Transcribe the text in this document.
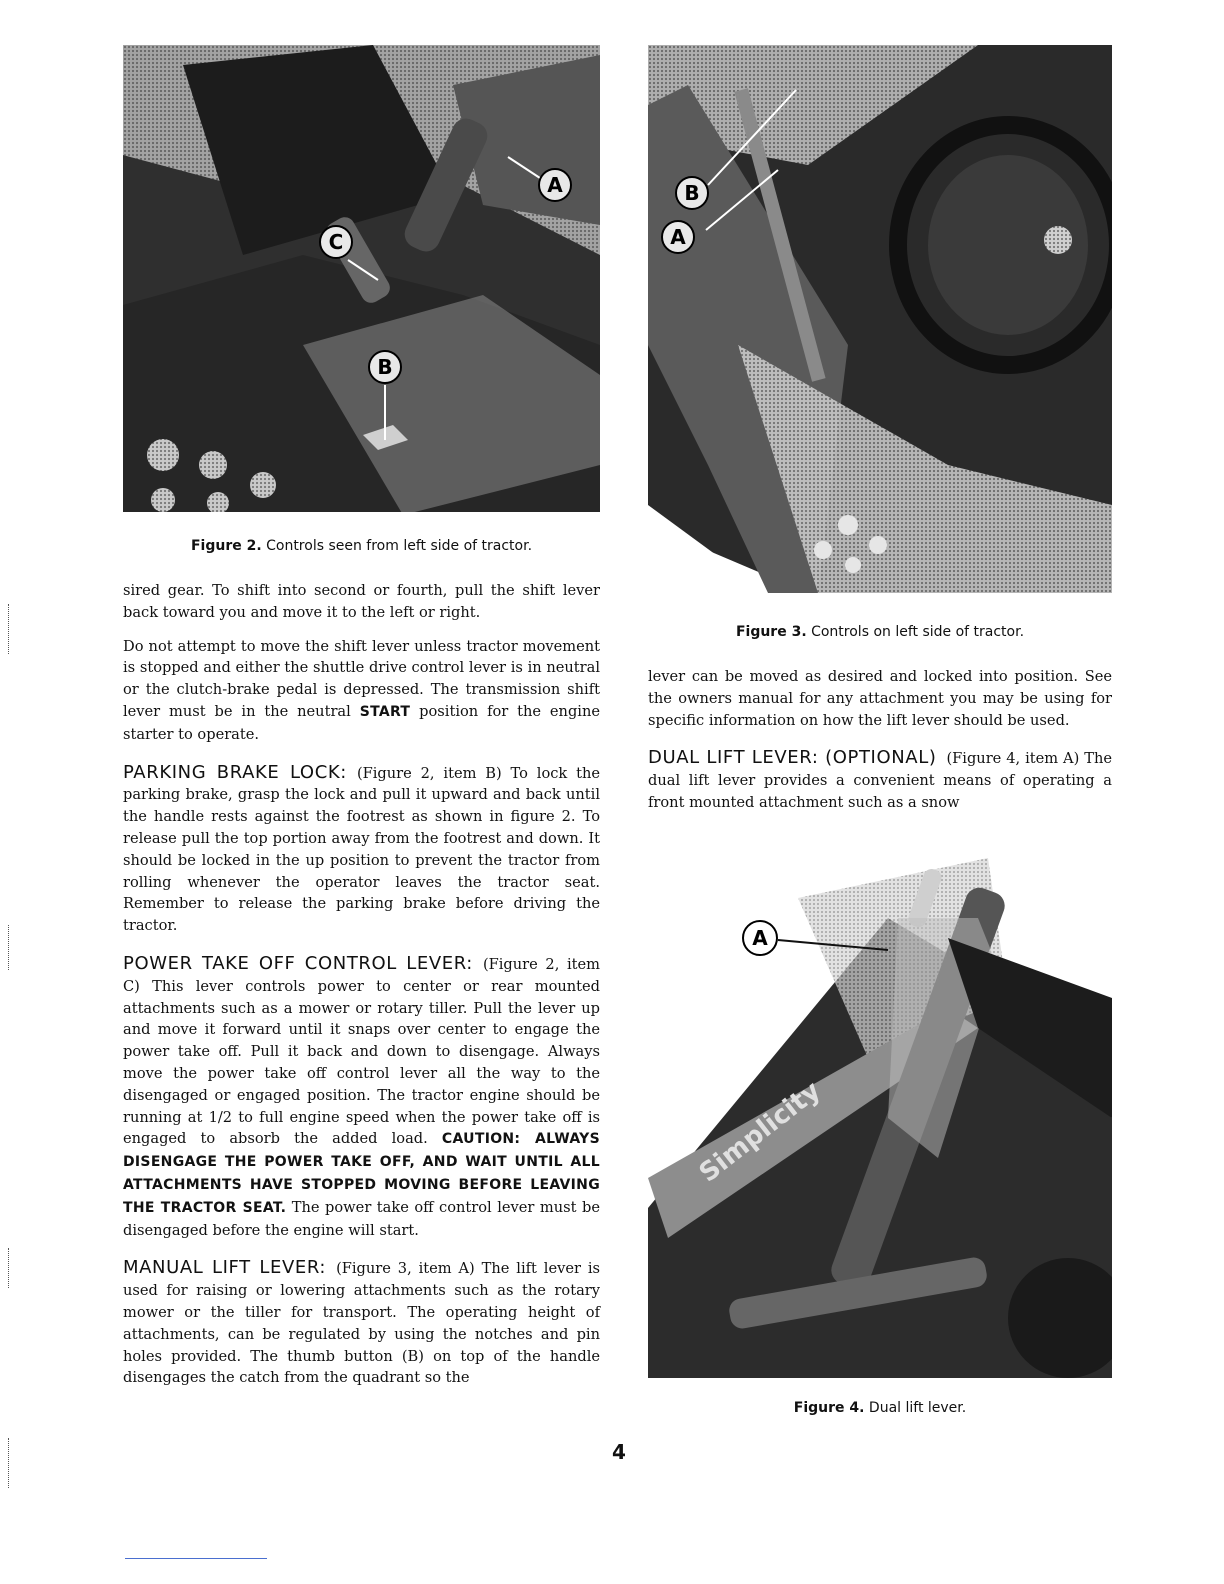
A
C
B
Figure 2. Controls seen from left side of tractor.
B
A
Figure 3. Controls on left side of tractor.
Simplicity
A
Figure 4. Dual lift lever.

sired gear. To shift into second or fourth, pull the shift lever back toward you and move it to the left or right.

Do not attempt to move the shift lever unless tractor movement is stopped and either the shuttle drive control lever is in neutral or the clutch-brake pedal is depressed. The transmission shift lever must be in the neutral START position for the engine starter to operate.

PARKING BRAKE LOCK: (Figure 2, item B) To lock the parking brake, grasp the lock and pull it upward and back until the handle rests against the footrest as shown in figure 2. To release pull the top portion away from the footrest and down. It should be locked in the up position to prevent the tractor from rolling whenever the operator leaves the tractor seat. Remember to release the parking brake before driving the tractor.

POWER TAKE OFF CONTROL LEVER: (Figure 2, item C) This lever controls power to center or rear mounted attachments such as a mower or rotary tiller. Pull the lever up and move it forward until it snaps over center to engage the power take off. Pull it back and down to disengage. Always move the power take off control lever all the way to the disengaged or engaged position. The tractor engine should be running at 1/2 to full engine speed when the power take off is engaged to absorb the added load. CAUTION: ALWAYS DISENGAGE THE POWER TAKE OFF, AND WAIT UNTIL ALL ATTACHMENTS HAVE STOPPED MOVING BEFORE LEAVING THE TRACTOR SEAT. The power take off control lever must be disengaged before the engine will start.

MANUAL LIFT LEVER: (Figure 3, item A) The lift lever is used for raising or lowering attachments such as the rotary mower or the tiller for transport. The operating height of attachments, can be regulated by using the notches and pin holes provided. The thumb button (B) on top of the handle disengages the catch from the quadrant so the

lever can be moved as desired and locked into position. See the owners manual for any attachment you may be using for specific information on how the lift lever should be used.

DUAL LIFT LEVER: (OPTIONAL) (Figure 4, item A) The dual lift lever provides a convenient means of operating a front mounted attachment such as a snow

4
